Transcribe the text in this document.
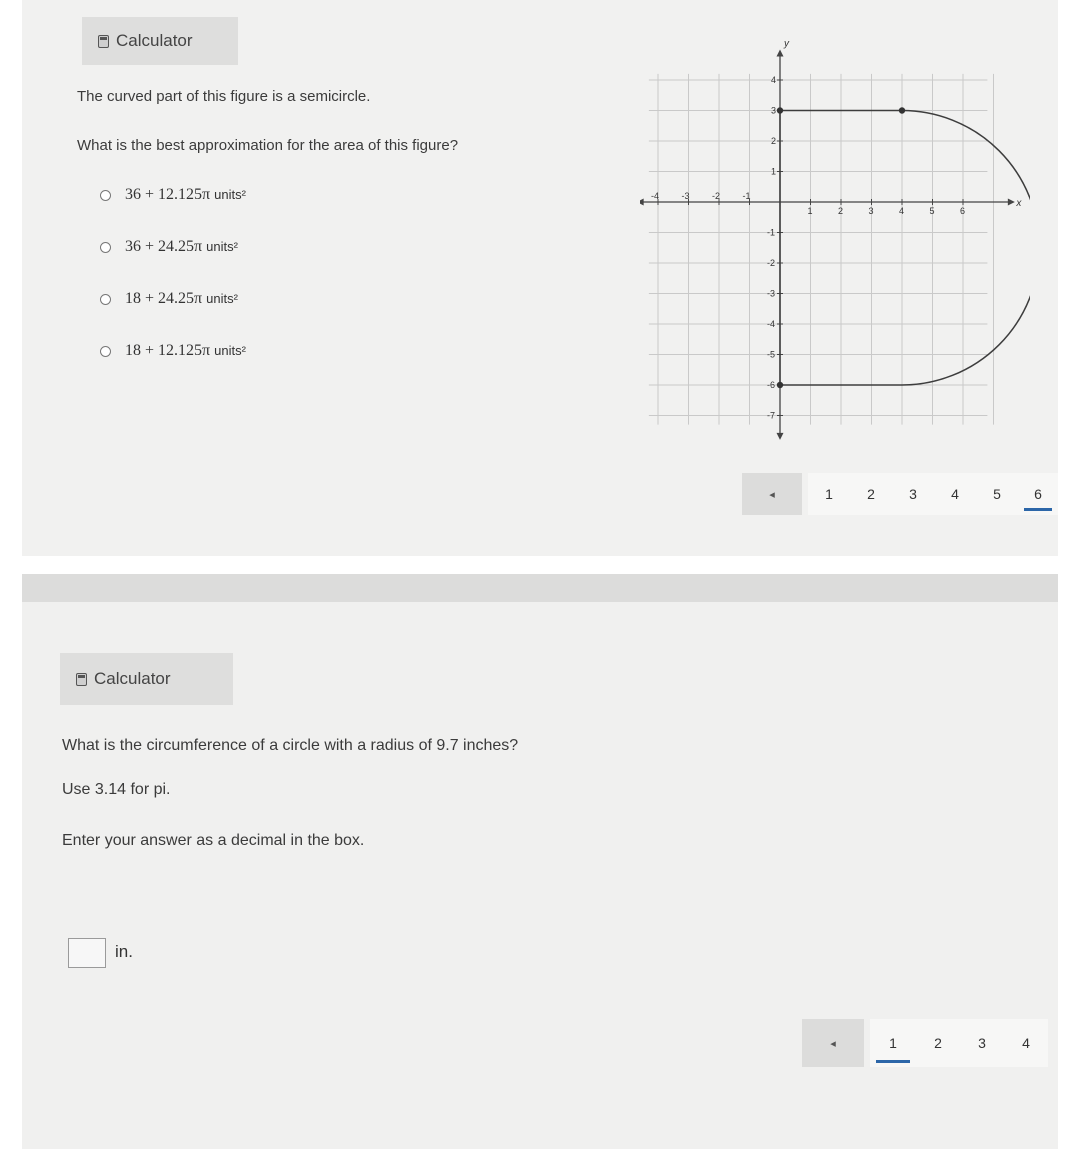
Calculator
The curved part of this figure is a semicircle.
What is the best approximation for the area of this figure?
36 + 12.125π units²
36 + 24.25π units²
18 + 24.25π units²
18 + 12.125π units²
-4 -3 -2 -1
1	2	3	4	5	6
4
3
2
1
-1
-2
-3
-4
-5
-6
-7
x
y
◂	1	2	3	4	5	6
Calculator
What is the circumference of a circle with a radius of 9.7 inches?
Use 3.14 for pi.
Enter your answer as a decimal in the box.
in.
◂	1	2	3	4
